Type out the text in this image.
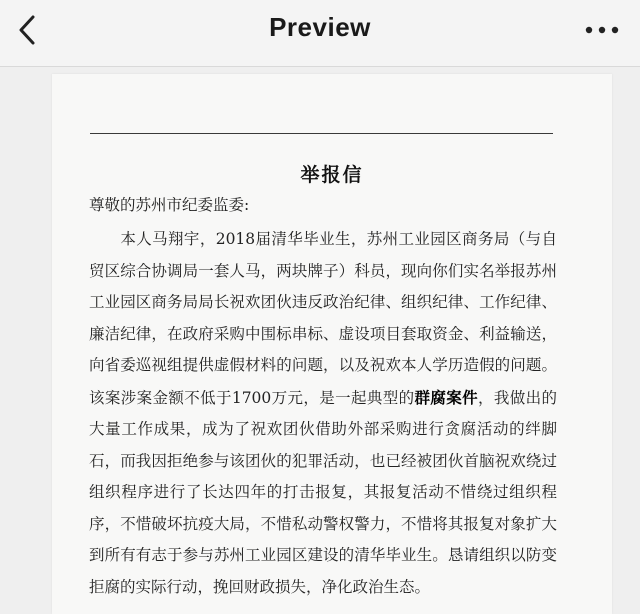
Preview
举报信
尊敬的苏州市纪委监委:
本人马翔宇，2018届清华毕业生，苏州工业园区商务局（与自贸区综合协调局一套人马，两块牌子）科员，现向你们实名举报苏州工业园区商务局局长祝欢团伙违反政治纪律、组织纪律、工作纪律、廉洁纪律，在政府采购中围标串标、虚设项目套取资金、利益输送，向省委巡视组提供虚假材料的问题，以及祝欢本人学历造假的问题。该案涉案金额不低于1700万元，是一起典型的群腐案件，我做出的大量工作成果，成为了祝欢团伙借助外部采购进行贪腐活动的绊脚石，而我因拒绝参与该团伙的犯罪活动，也已经被团伙首脑祝欢绕过组织程序进行了长达四年的打击报复，其报复活动不惜绕过组织程序，不惜破坏抗疫大局，不惜私动警权警力，不惜将其报复对象扩大到所有有志于参与苏州工业园区建设的清华毕业生。恳请组织以防变拒腐的实际行动，挽回财政损失，净化政治生态。
